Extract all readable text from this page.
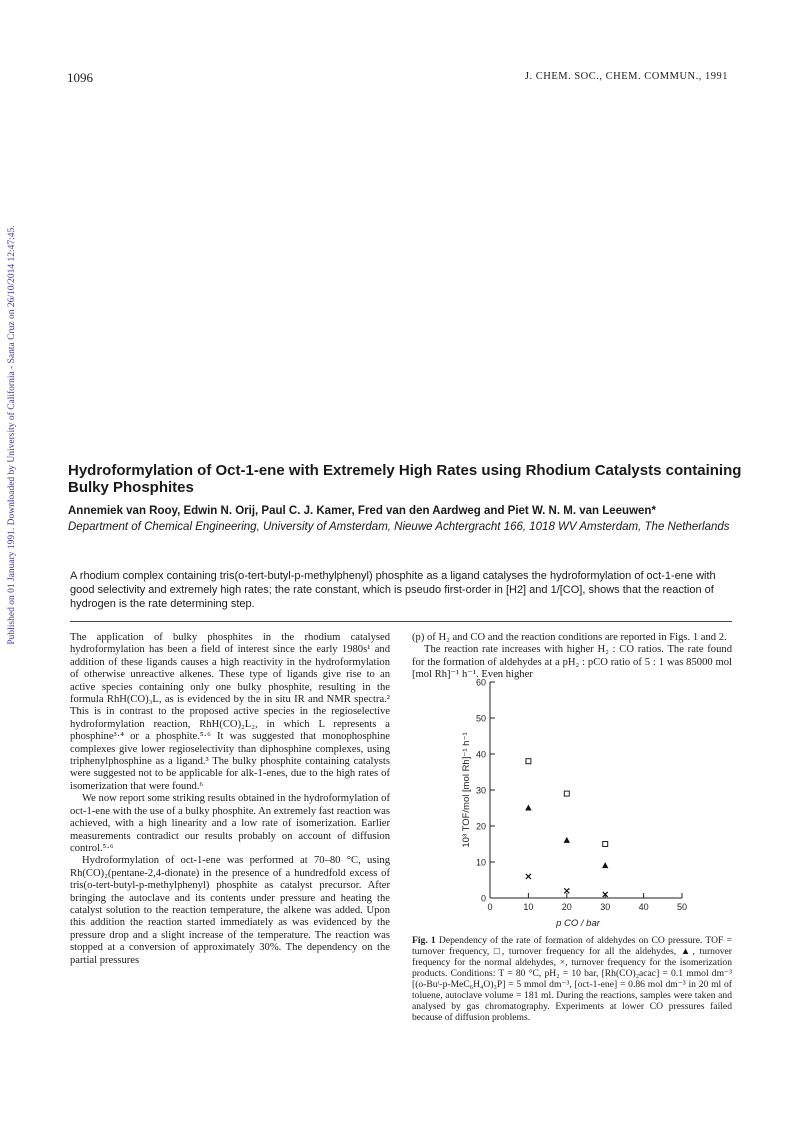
1096	J. CHEM. SOC., CHEM. COMMUN., 1991
Published on 01 January 1991. Downloaded by University of California - Santa Cruz on 26/10/2014 12:47:45.	Hydroformylation of Oct-1-ene with Extremely High Rates using Rhodium Catalysts containing Bulky Phosphites
Annemiek van Rooy, Edwin N. Orij, Paul C. J. Kamer, Fred van den Aardweg and Piet W. N. M. van Leeuwen*
Department of Chemical Engineering, University of Amsterdam, Nieuwe Achtergracht 166, 1018 WV Amsterdam, The Netherlands
A rhodium complex containing tris(o-tert-butyl-p-methylphenyl) phosphite as a ligand catalyses the hydroformylation of oct-1-ene with good selectivity and extremely high rates; the rate constant, which is pseudo first-order in [H2] and 1/[CO], shows that the reaction of hydrogen is the rate determining step.

The application of bulky phosphites in the rhodium catalysed hydroformylation has been a field of interest since the early 1980s¹ and addition of these ligands causes a high reactivity in the hydroformylation of otherwise unreactive alkenes. These type of ligands give rise to an active species containing only one bulky phosphite, resulting in the formula RhH(CO)₃L, as is evidenced by the in situ IR and NMR spectra.² This is in contrast to the proposed active species in the regioselective hydroformylation reaction, RhH(CO)₂L₂, in which L represents a phosphine³·⁴ or a phosphite.⁵·⁶ It was suggested that monophosphine complexes give lower regioselectivity than diphosphine complexes, using triphenylphosphine as a ligand.³ The bulky phosphite containing catalysts were suggested not to be applicable for alk-1-enes, due to the high rates of isomerization that were found.⁶

We now report some striking results obtained in the hydroformylation of oct-1-ene with the use of a bulky phosphite. An extremely fast reaction was achieved, with a high linearity and a low rate of isomerization. Earlier measurements contradict our results probably on account of diffusion control.⁵·⁶

Hydroformylation of oct-1-ene was performed at 70–80 °C, using Rh(CO)₂(pentane-2,4-dionate) in the presence of a hundredfold excess of tris(o-tert-butyl-p-methylphenyl) phosphite as catalyst precursor. After bringing the autoclave and its contents under pressure and heating the catalyst solution to the reaction temperature, the alkene was added. Upon this addition the reaction started immediately as was evidenced by the pressure drop and a slight increase of the temperature. The reaction was stopped at a conversion of approximately 30%. The dependency on the partial pressures

(p) of H₂ and CO and the reaction conditions are reported in Figs. 1 and 2.

The reaction rate increases with higher H₂ : CO ratios. The rate found for the formation of aldehydes at a pH₂ : pCO ratio of 5 : 1 was 85000 mol [mol Rh]⁻¹ h⁻¹. Even higher

0
10
20
30
40
50
60
0	10	20	30	40	50
p CO / bar
10³ TOF/mol [mol Rh]⁻¹ h⁻¹
Fig. 1 Dependency of the rate of formation of aldehydes on CO pressure. TOF = turnover frequency, □, turnover frequency for all the aldehydes, ▲, turnover frequency for the normal aldehydes, ×, turnover frequency for the isomerization products. Conditions: T = 80 °C, pH₂ = 10 bar, [Rh(CO)₂acac] = 0.1 mmol dm⁻³ [(o-Buᵗ-p-MeC₆H₄O)₃P] = 5 mmol dm⁻³, [oct-1-ene] = 0.86 mol dm⁻³ in 20 ml of toluene, autoclave volume = 181 ml. During the reactions, samples were taken and analysed by gas chromatography. Experiments at lower CO pressures failed because of diffusion problems.
